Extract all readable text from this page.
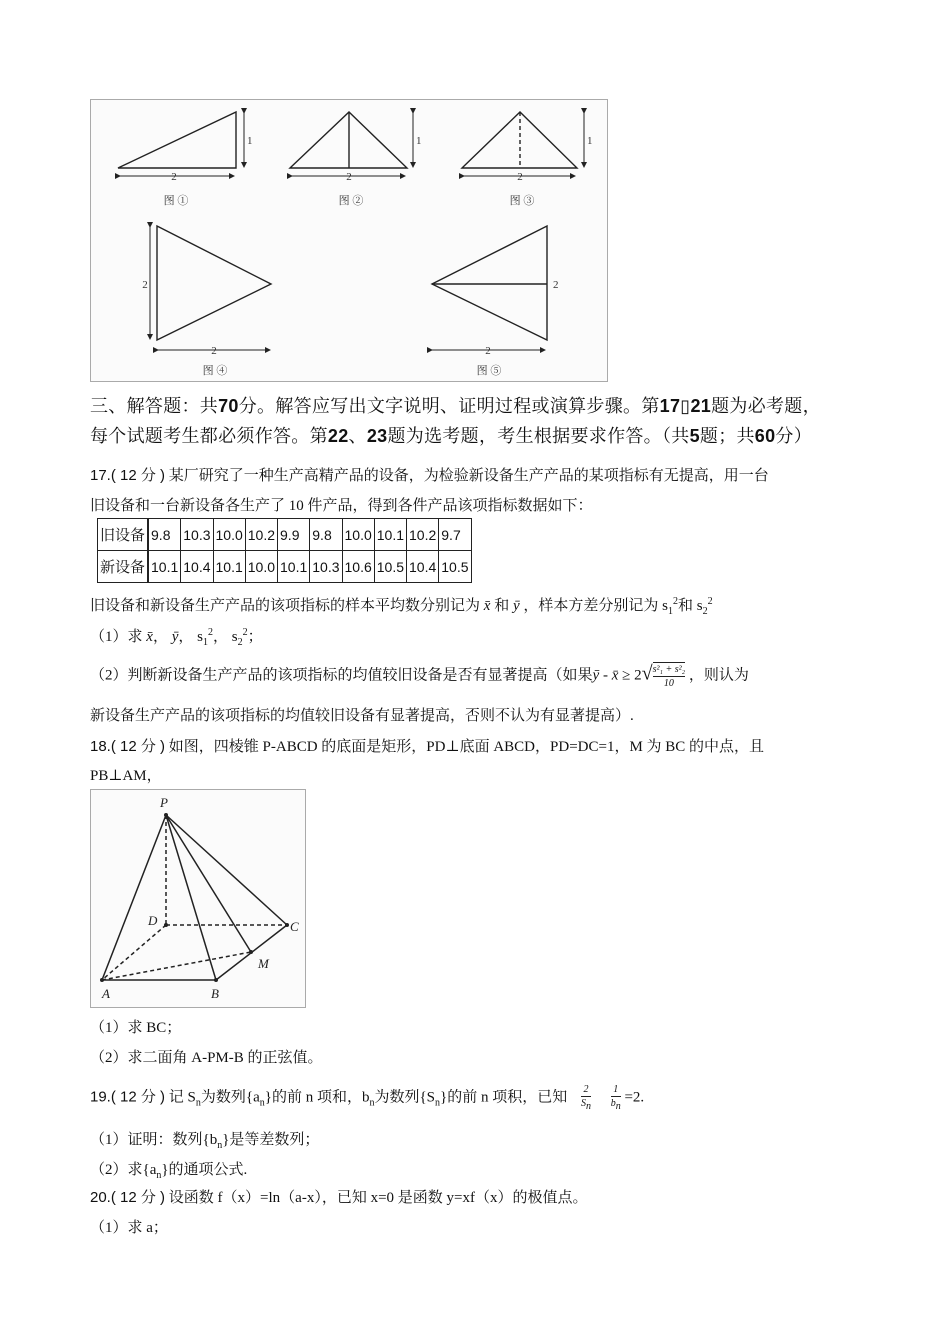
2
1
图 ①
2
1
图 ②
2
1
图 ③
2
2
图 ④
2
2
图 ⑤
三、解答题：共70分。解答应写出文字说明、证明过程或演算步骤。第17▯21题为必考题，
每个试题考生都必须作答。第22、23题为选考题，考生根据要求作答。（共5题；共60分）
17.( 12 分 ) 某厂研究了一种生产高精产品的设备，为检验新设备生产产品的某项指标有无提高，用一台
旧设备和一台新设备各生产了 10 件产品，得到各件产品该项指标数据如下：
旧设备	9.8	10.3	10.0	10.2	9.9	9.8	10.0	10.1	10.2	9.7
新设备	10.1	10.4	10.1	10.0	10.1	10.3	10.6	10.5	10.4	10.5
旧设备和新设备生产产品的该项指标的样本平均数分别记为 x̄ 和 ȳ ，样本方差分别记为 $s_1^2$和 $s_2^2$
（1）求 x̄， ȳ， $s_1^2$， $s_2^2$；
（2）判断新设备生产产品的该项指标的均值较旧设备是否有显著提高（如果ȳ - x̄ ≥ $2√ \frac{\text{s²₁ + s²₂}}{10}$ ，则认为
新设备生产产品的该项指标的均值较旧设备有显著提高，否则不认为有显著提高）.
18.( 12 分 ) 如图，四棱锥 P-ABCD 的底面是矩形，PD⊥底面 ABCD，PD=DC=1，M 为 BC 的中点，且
PB⊥AM，
P
D	C
M
A	B
（1）求 BC；
（2）求二面角 A-PM-B 的正弦值。
19.( 12 分 ) 记 $S_n$为数列$\{a_n\}$的前 n 项和，$b_n$为数列$\{S_n\}$的前 n 项积，已知 $\frac{2}{S_n}$
$\frac{1}{b_n} =2$.
（1）证明：数列$\{b_n\}$是等差数列；
（2）求$\{a_n\}$的通项公式.
20.( 12 分 ) 设函数 f（x）=ln（a-x），已知 x=0 是函数 y=xf（x）的极值点。
（1）求 a；
